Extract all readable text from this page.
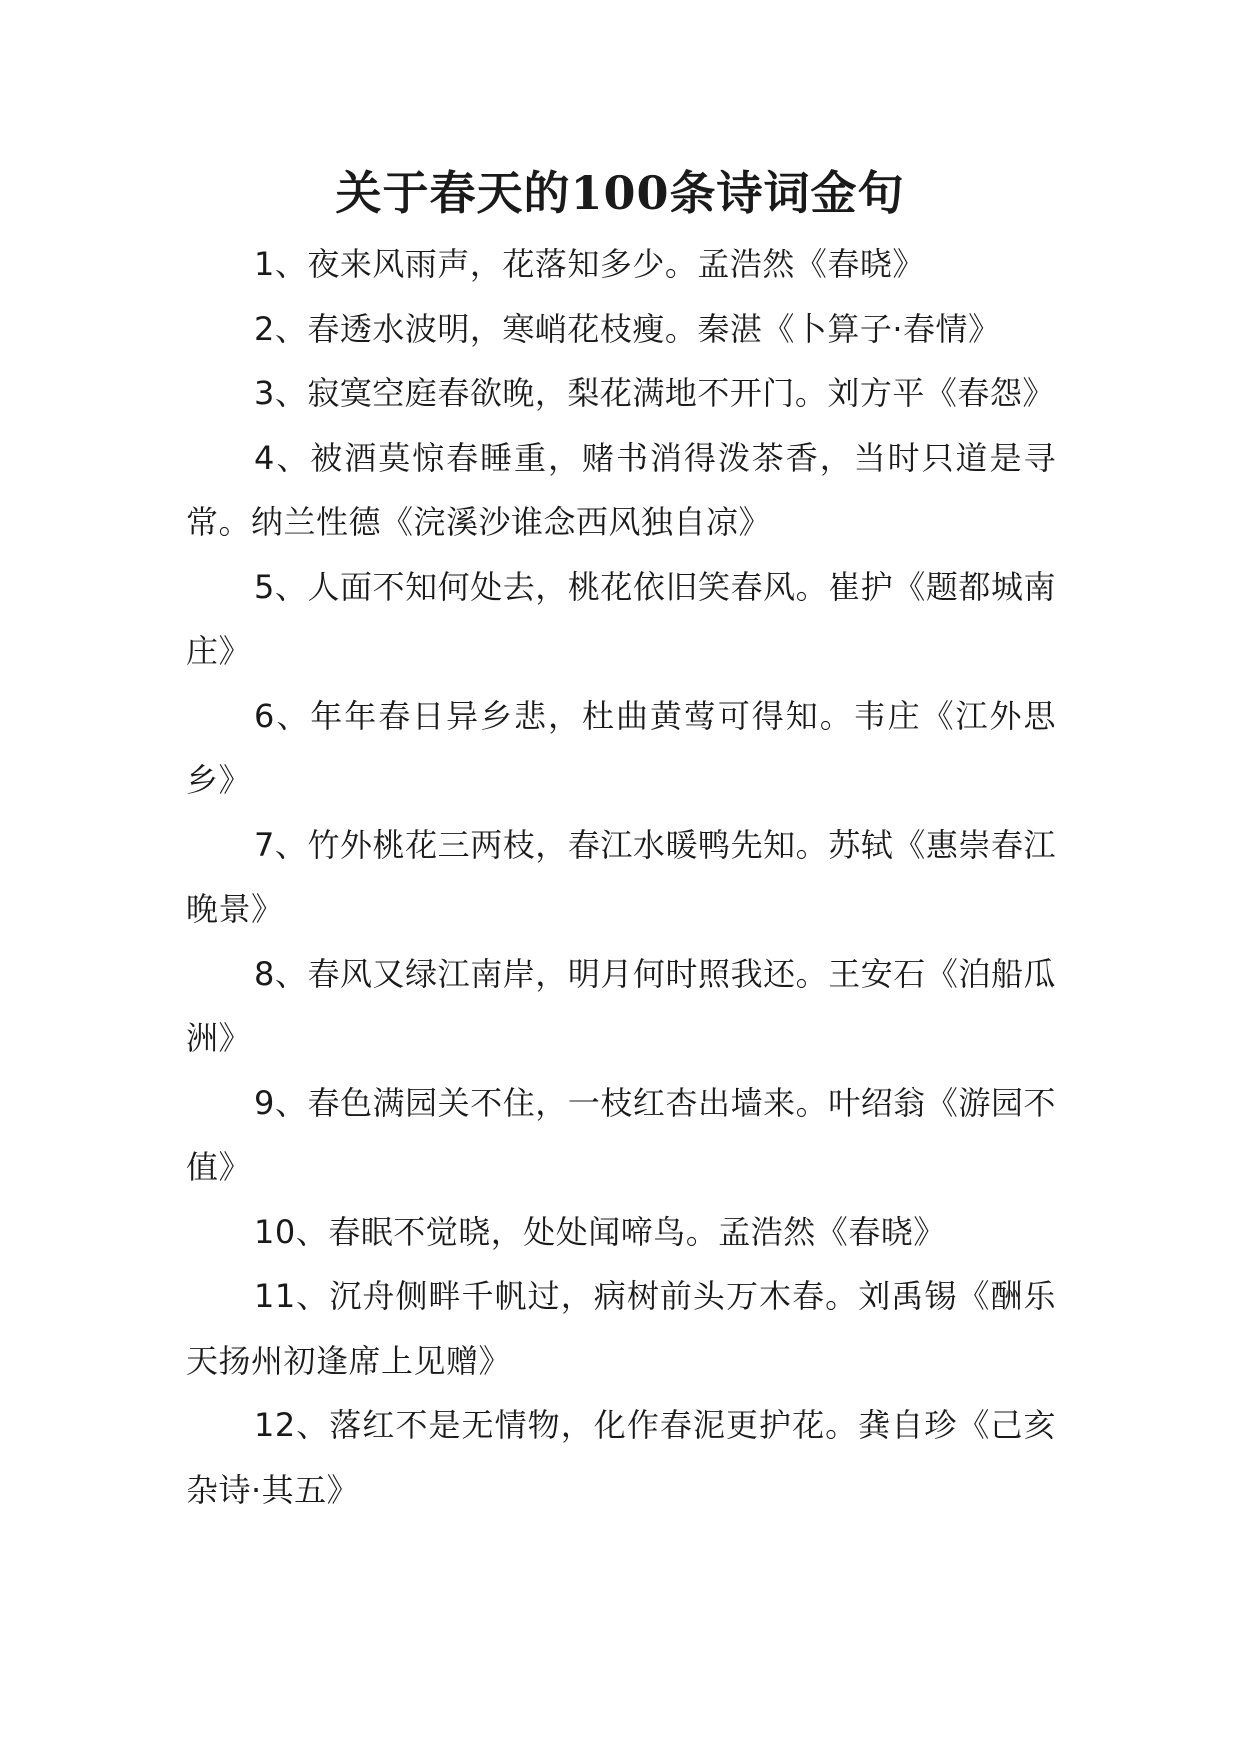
关于春天的100条诗词金句

1、夜来风雨声，花落知多少。孟浩然《春晓》

2、春透水波明，寒峭花枝瘦。秦湛《卜算子·春情》

3、寂寞空庭春欲晚，梨花满地不开门。刘方平《春怨》

4、被酒莫惊春睡重，赌书消得泼茶香，当时只道是寻常。纳兰性德《浣溪沙谁念西风独自凉》

5、人面不知何处去，桃花依旧笑春风。崔护《题都城南庄》

6、年年春日异乡悲，杜曲黄莺可得知。韦庄《江外思乡》

7、竹外桃花三两枝，春江水暖鸭先知。苏轼《惠崇春江晚景》

8、春风又绿江南岸，明月何时照我还。王安石《泊船瓜洲》

9、春色满园关不住，一枝红杏出墙来。叶绍翁《游园不值》

10、春眠不觉晓，处处闻啼鸟。孟浩然《春晓》

11、沉舟侧畔千帆过，病树前头万木春。刘禹锡《酬乐天扬州初逢席上见赠》

12、落红不是无情物，化作春泥更护花。龚自珍《己亥杂诗·其五》
